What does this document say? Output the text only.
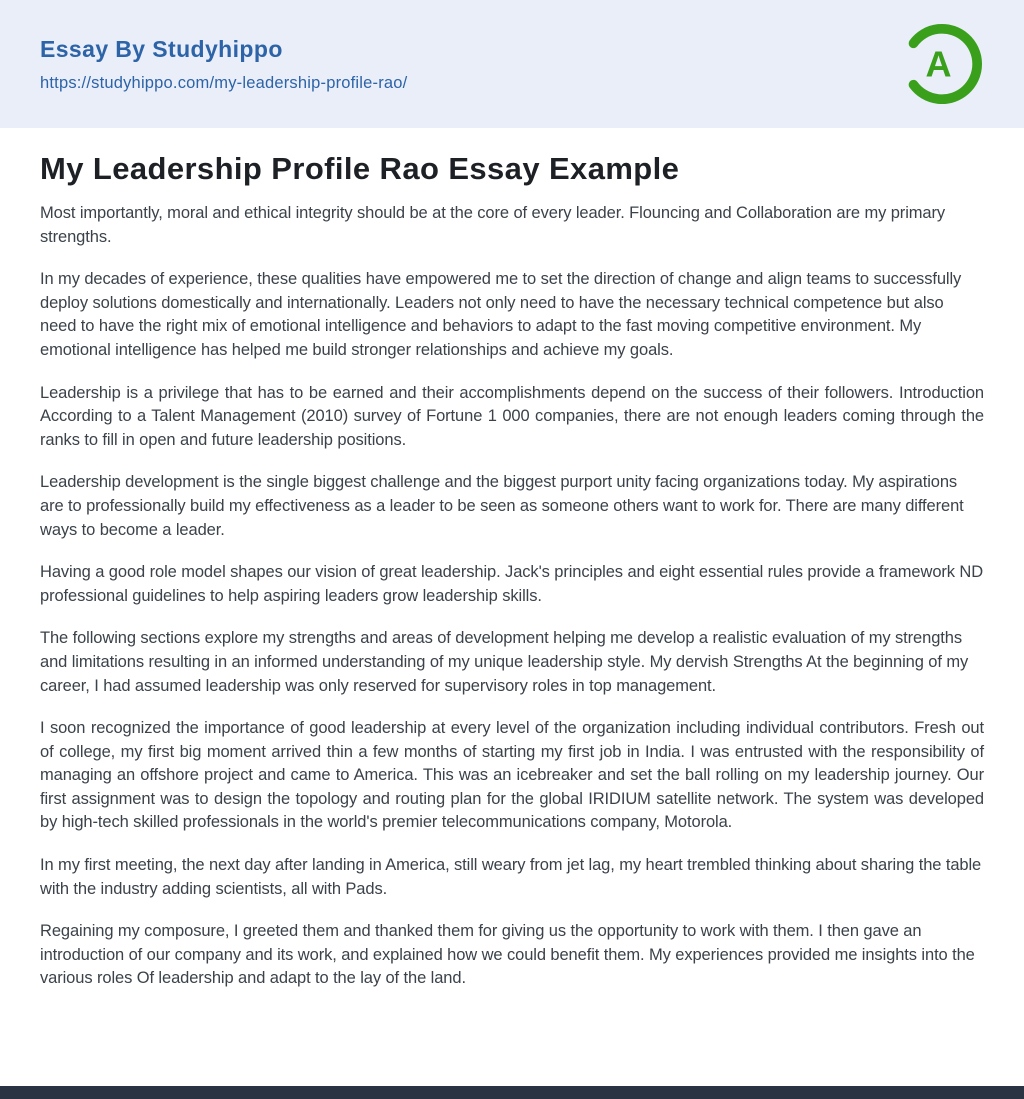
Essay By Studyhippo

https://studyhippo.com/my-leadership-profile-rao/	A
My Leadership Profile Rao Essay Example

Most importantly, moral and ethical integrity should be at the core of every leader. Flouncing and Collaboration are my primary strengths.

In my decades of experience, these qualities have empowered me to set the direction of change and align teams to successfully deploy solutions domestically and internationally. Leaders not only need to have the necessary technical competence but also need to have the right mix of emotional intelligence and behaviors to adapt to the fast moving competitive environment. My emotional intelligence has helped me build stronger relationships and achieve my goals.

Leadership is a privilege that has to be earned and their accomplishments depend on the success of their followers. Introduction According to a Talent Management (2010) survey of Fortune 1 000 companies, there are not enough leaders coming through the ranks to fill in open and future leadership positions.

Leadership development is the single biggest challenge and the biggest purport unity facing organizations today. My aspirations are to professionally build my effectiveness as a leader to be seen as someone others want to work for. There are many different ways to become a leader.

Having a good role model shapes our vision of great leadership. Jack's principles and eight essential rules provide a framework ND professional guidelines to help aspiring leaders grow leadership skills.

The following sections explore my strengths and areas of development helping me develop a realistic evaluation of my strengths and limitations resulting in an informed understanding of my unique leadership style. My dervish Strengths At the beginning of my career, I had assumed leadership was only reserved for supervisory roles in top management.

I soon recognized the importance of good leadership at every level of the organization including individual contributors. Fresh out of college, my first big moment arrived thin a few months of starting my first job in India. I was entrusted with the responsibility of managing an offshore project and came to America. This was an icebreaker and set the ball rolling on my leadership journey. Our first assignment was to design the topology and routing plan for the global IRIDIUM satellite network. The system was developed by high-tech skilled professionals in the world's premier telecommunications company, Motorola.

In my first meeting, the next day after landing in America, still weary from jet lag, my heart trembled thinking about sharing the table with the industry adding scientists, all with Pads.

Regaining my composure, I greeted them and thanked them for giving us the opportunity to work with them. I then gave an introduction of our company and its work, and explained how we could benefit them. My experiences provided me insights into the various roles Of leadership and adapt to the lay of the land.
